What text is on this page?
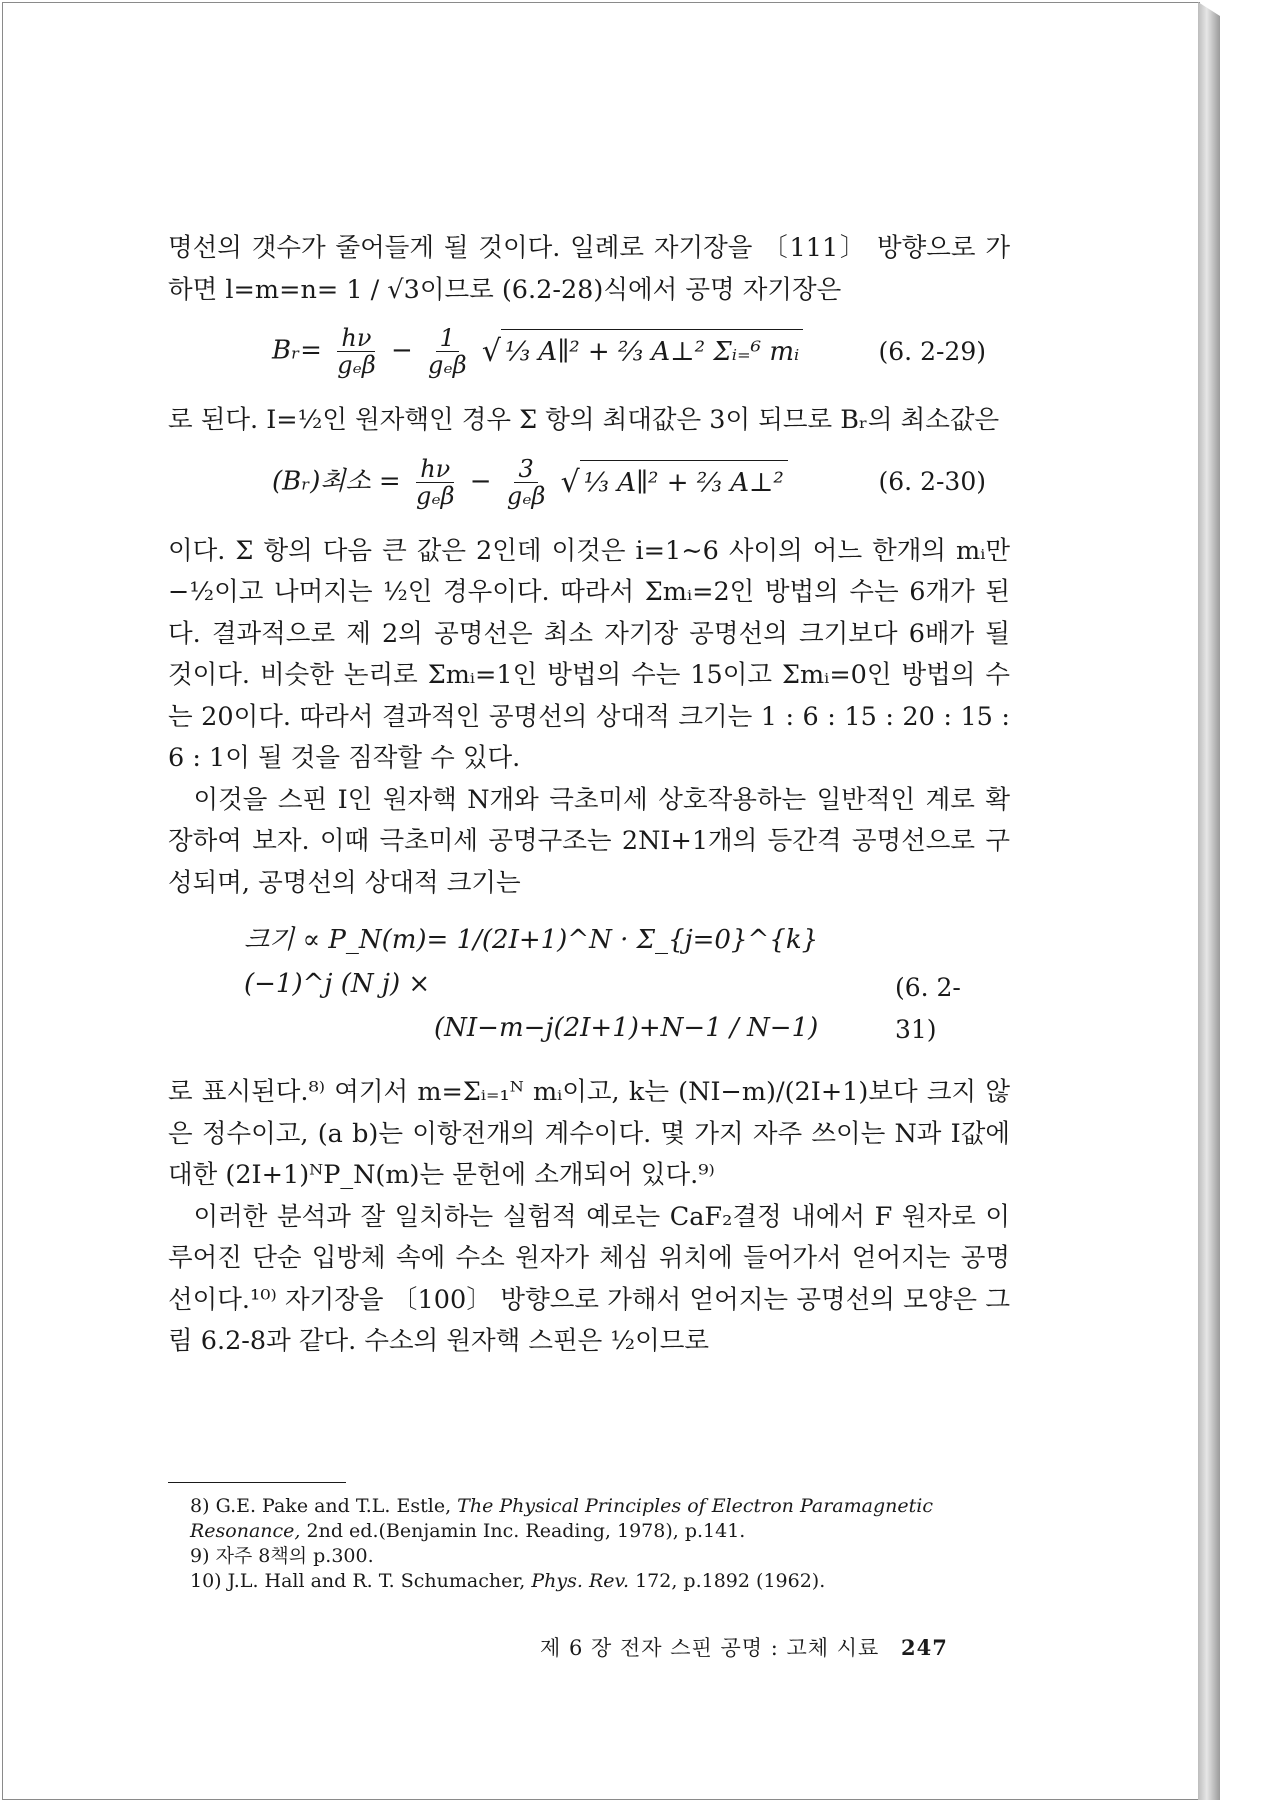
명선의 갯수가 줄어들게 될 것이다. 일례로 자기장을 〔111〕 방향으로 가하면 l=m=n= 1 / √3이므로 (6.2-28)식에서 공명 자기장은

Bᵣ= $\frac{h\nu}{\text{gₑβ}} - \frac{1}{\text{gₑβ}}$ √ ⅓ A∥² + ⅔ A⊥² Σᵢ₌⁶ mᵢ	(6. 2-29)

로 된다. I=½인 원자핵인 경우 Σ 항의 최대값은 3이 되므로 Bᵣ의 최소값은

(Bᵣ)최소 = $\frac{h\nu}{\text{gₑβ}} - \frac{3}{\text{gₑβ}}$ √ ⅓ A∥² + ⅔ A⊥²	(6. 2-30)

이다. Σ 항의 다음 큰 값은 2인데 이것은 i=1∼6 사이의 어느 한개의 mᵢ만 −½이고 나머지는 ½인 경우이다. 따라서 Σmᵢ=2인 방법의 수는 6개가 된다. 결과적으로 제 2의 공명선은 최소 자기장 공명선의 크기보다 6배가 될 것이다. 비슷한 논리로 Σmᵢ=1인 방법의 수는 15이고 Σmᵢ=0인 방법의 수는 20이다. 따라서 결과적인 공명선의 상대적 크기는 1 : 6 : 15 : 20 : 15 : 6 : 1이 될 것을 짐작할 수 있다.

이것을 스핀 I인 원자핵 N개와 극초미세 상호작용하는 일반적인 계로 확장하여 보자. 이때 극초미세 공명구조는 2NI+1개의 등간격 공명선으로 구성되며, 공명선의 상대적 크기는

크기 ∝ P_N(m)= 1/(2I+1)^N · Σ_{j=0}^{k} (−1)^j (N j) ×
(NI−m−j(2I+1)+N−1 / N−1)
(6. 2-31)

로 표시된다.⁸⁾ 여기서 m=Σᵢ₌₁ᴺ mᵢ이고, k는 (NI−m)/(2I+1)보다 크지 않은 정수이고, (a b)는 이항전개의 계수이다. 몇 가지 자주 쓰이는 N과 I값에 대한 (2I+1)ᴺP_N(m)는 문헌에 소개되어 있다.⁹⁾

이러한 분석과 잘 일치하는 실험적 예로는 CaF₂결정 내에서 F 원자로 이루어진 단순 입방체 속에 수소 원자가 체심 위치에 들어가서 얻어지는 공명선이다.¹⁰⁾ 자기장을 〔100〕 방향으로 가해서 얻어지는 공명선의 모양은 그림 6.2-8과 같다. 수소의 원자핵 스핀은 ½이므로

8) G.E. Pake and T.L. Estle, The Physical Principles of Electron Paramagnetic Resonance, 2nd ed.(Benjamin Inc. Reading, 1978), p.141.

9) 자주 8책의 p.300.

10) J.L. Hall and R. T. Schumacher, Phys. Rev. 172, p.1892 (1962).

제 6 장 전자 스핀 공명 : 고체 시료 247
